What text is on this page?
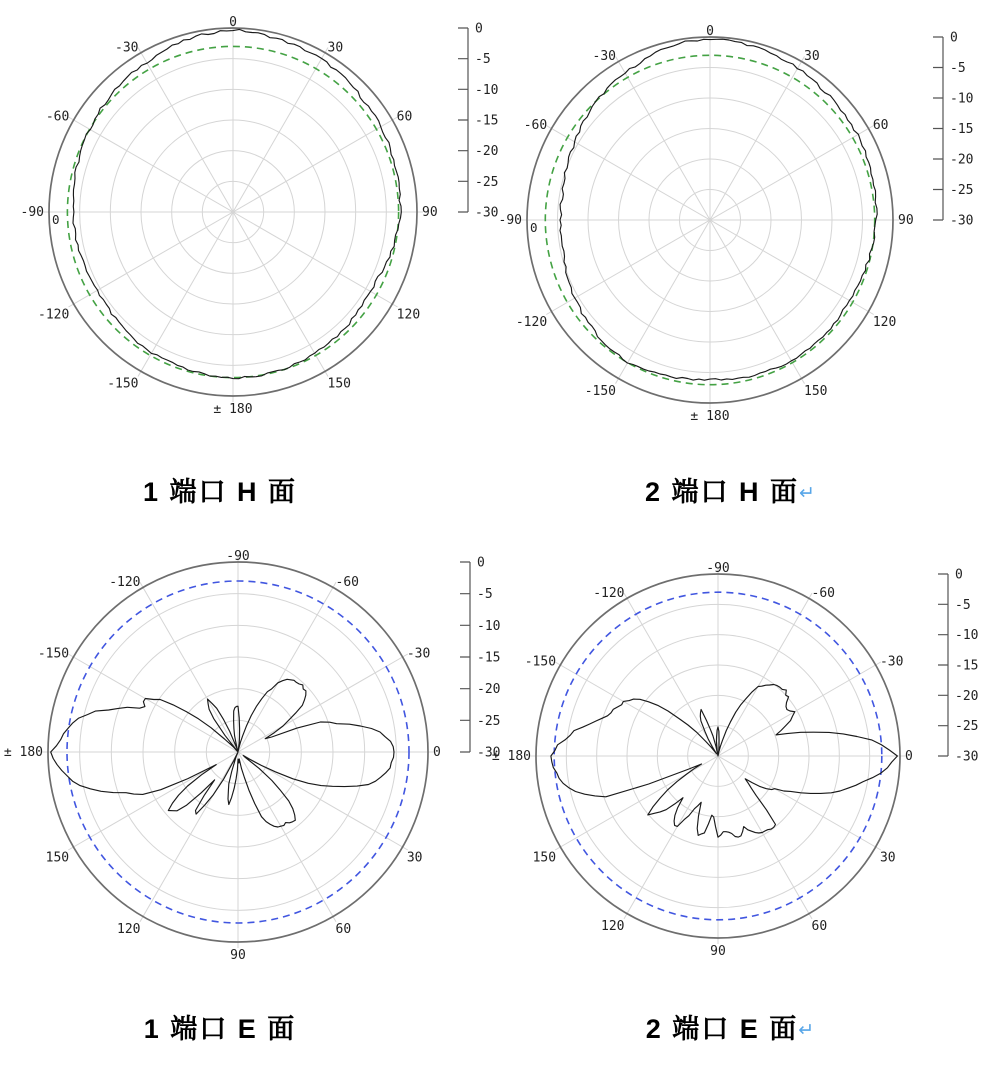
0
30
60
90
120
150
± 180
-150
-120
-90
-60
-30
0
0
-5
-10
-15
-20
-25
-30
0
30
60
90
120
150
± 180
-150
-120
-90
-60
-30
0
0
-5
-10
-15
-20
-25
-30
-90
-60
-30
0
30
60
90
120
150
± 180
-150
-120
0
-5
-10
-15
-20
-25
-30
-90
-60
-30
0
30
60
90
120
150
± 180
-150
-120
0
-5
-10
-15
-20
-25
-30
1 端口 H 面	2 端口 H 面↵
1 端口 E 面	2 端口 E 面↵
